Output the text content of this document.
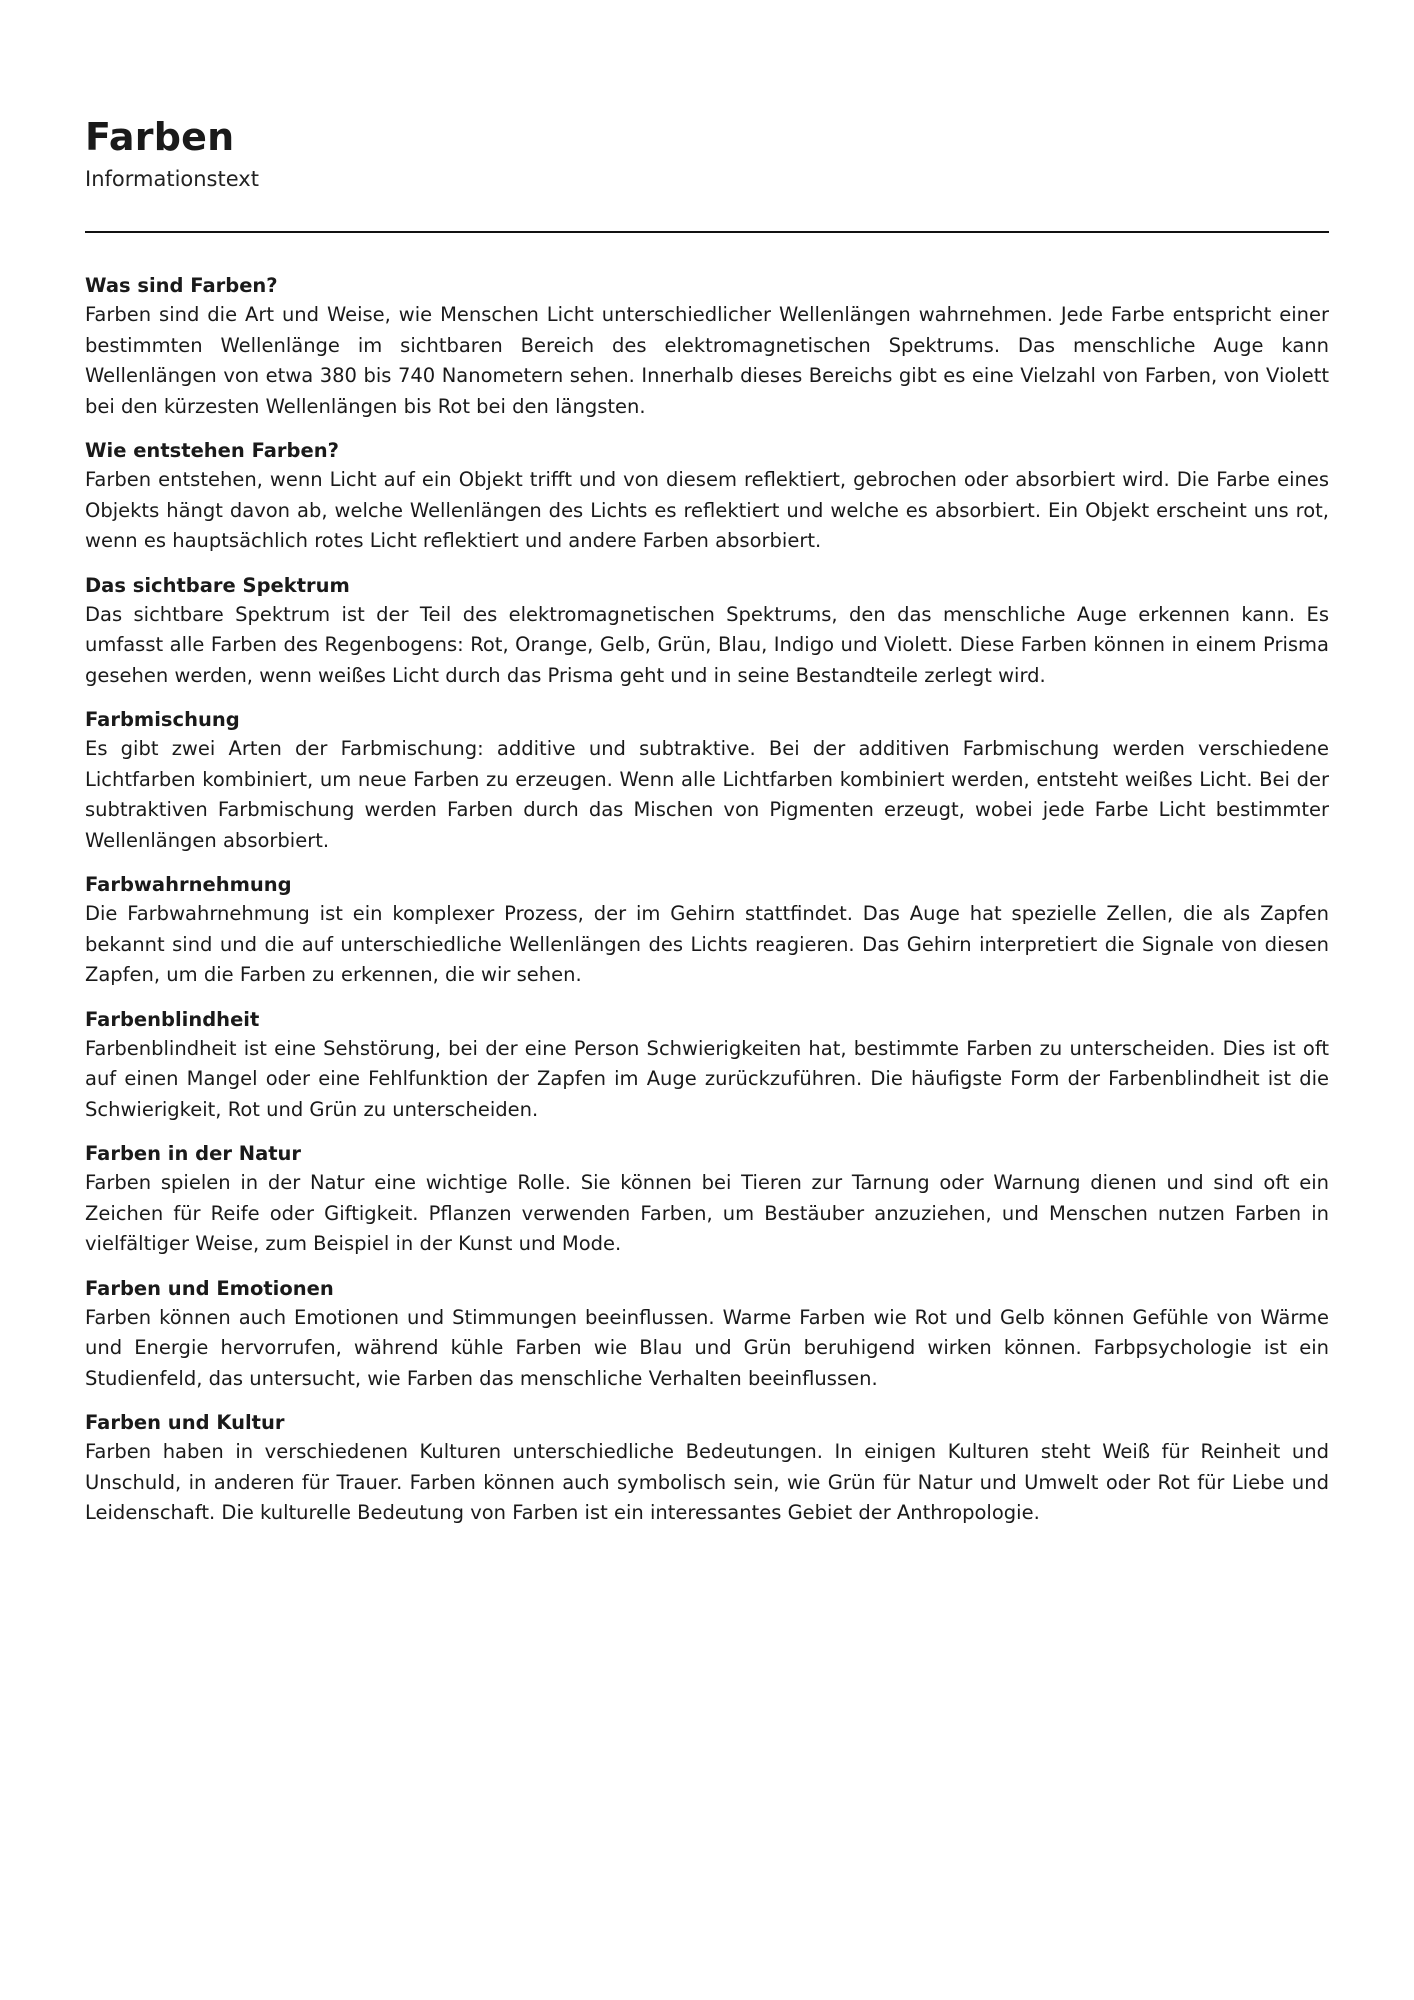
Farben
Informationstext
Was sind Farben?

Farben sind die Art und Weise, wie Menschen Licht unterschiedlicher Wellenlängen wahrnehmen. Jede Farbe entspricht einer bestimmten Wellenlänge im sichtbaren Bereich des elektromagnetischen Spektrums. Das menschliche Auge kann Wellenlängen von etwa 380 bis 740 Nanometern sehen. Innerhalb dieses Bereichs gibt es eine Vielzahl von Farben, von Violett bei den kürzesten Wellenlängen bis Rot bei den längsten.

Wie entstehen Farben?

Farben entstehen, wenn Licht auf ein Objekt trifft und von diesem reflektiert, gebrochen oder absorbiert wird. Die Farbe eines Objekts hängt davon ab, welche Wellenlängen des Lichts es reflektiert und welche es absorbiert. Ein Objekt erscheint uns rot, wenn es hauptsächlich rotes Licht reflektiert und andere Farben absorbiert.

Das sichtbare Spektrum

Das sichtbare Spektrum ist der Teil des elektromagnetischen Spektrums, den das menschliche Auge erkennen kann. Es umfasst alle Farben des Regenbogens: Rot, Orange, Gelb, Grün, Blau, Indigo und Violett. Diese Farben können in einem Prisma gesehen werden, wenn weißes Licht durch das Prisma geht und in seine Bestandteile zerlegt wird.

Farbmischung

Es gibt zwei Arten der Farbmischung: additive und subtraktive. Bei der additiven Farbmischung werden verschiedene Lichtfarben kombiniert, um neue Farben zu erzeugen. Wenn alle Lichtfarben kombiniert werden, entsteht weißes Licht. Bei der subtraktiven Farbmischung werden Farben durch das Mischen von Pigmenten erzeugt, wobei jede Farbe Licht bestimmter Wellenlängen absorbiert.

Farbwahrnehmung

Die Farbwahrnehmung ist ein komplexer Prozess, der im Gehirn stattfindet. Das Auge hat spezielle Zellen, die als Zapfen bekannt sind und die auf unterschiedliche Wellenlängen des Lichts reagieren. Das Gehirn interpretiert die Signale von diesen Zapfen, um die Farben zu erkennen, die wir sehen.

Farbenblindheit

Farbenblindheit ist eine Sehstörung, bei der eine Person Schwierigkeiten hat, bestimmte Farben zu unterscheiden. Dies ist oft auf einen Mangel oder eine Fehlfunktion der Zapfen im Auge zurückzuführen. Die häufigste Form der Farbenblindheit ist die Schwierigkeit, Rot und Grün zu unterscheiden.

Farben in der Natur

Farben spielen in der Natur eine wichtige Rolle. Sie können bei Tieren zur Tarnung oder Warnung dienen und sind oft ein Zeichen für Reife oder Giftigkeit. Pflanzen verwenden Farben, um Bestäuber anzuziehen, und Menschen nutzen Farben in vielfältiger Weise, zum Beispiel in der Kunst und Mode.

Farben und Emotionen

Farben können auch Emotionen und Stimmungen beeinflussen. Warme Farben wie Rot und Gelb können Gefühle von Wärme und Energie hervorrufen, während kühle Farben wie Blau und Grün beruhigend wirken können. Farbpsychologie ist ein Studienfeld, das untersucht, wie Farben das menschliche Verhalten beeinflussen.

Farben und Kultur

Farben haben in verschiedenen Kulturen unterschiedliche Bedeutungen. In einigen Kulturen steht Weiß für Reinheit und Unschuld, in anderen für Trauer. Farben können auch symbolisch sein, wie Grün für Natur und Umwelt oder Rot für Liebe und Leidenschaft. Die kulturelle Bedeutung von Farben ist ein interessantes Gebiet der Anthropologie.
